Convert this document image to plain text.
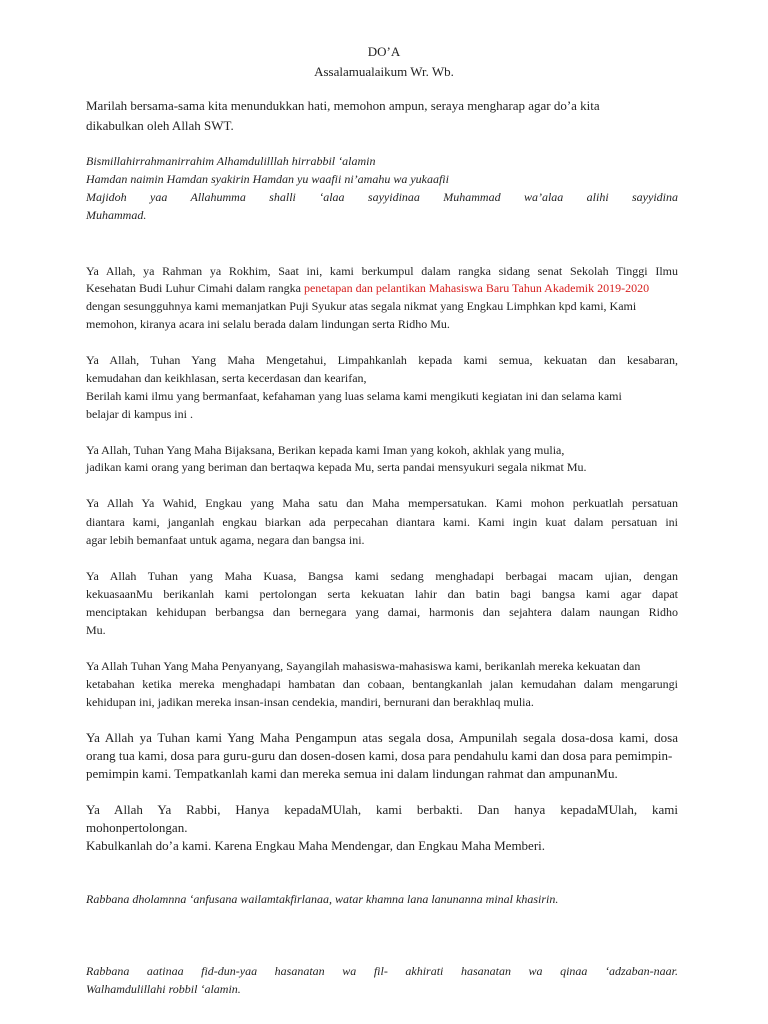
DO’A
Assalamualaikum Wr. Wb.
Marilah bersama-sama kita menundukkan hati, memohon ampun, seraya mengharap agar do’a kita
dikabulkan oleh Allah SWT.
Bismillahirrahmanirrahim Alhamdulilllah hirrabbil ‘alamin
Hamdan naimin Hamdan syakirin Hamdan yu waafii ni’amahu wa yukaafii
Majidoh yaa Allahumma shalli ‘alaa sayyidinaa Muhammad wa’alaa alihi sayyidina
Muhammad.
Ya Allah, ya Rahman ya Rokhim, Saat ini, kami berkumpul dalam rangka sidang senat Sekolah Tinggi Ilmu
Kesehatan Budi Luhur Cimahi dalam rangka penetapan dan pelantikan Mahasiswa Baru Tahun Akademik 2019-2020
dengan sesungguhnya kami memanjatkan Puji Syukur atas segala nikmat yang Engkau Limphkan kpd kami, Kami
memohon, kiranya acara ini selalu berada dalam lindungan serta Ridho Mu.
Ya Allah, Tuhan Yang Maha Mengetahui, Limpahkanlah kepada kami semua, kekuatan dan kesabaran,
kemudahan dan keikhlasan, serta kecerdasan dan kearifan,
Berilah kami ilmu yang bermanfaat, kefahaman yang luas selama kami mengikuti kegiatan ini dan selama kami
belajar di kampus ini .
Ya Allah, Tuhan Yang Maha Bijaksana, Berikan kepada kami Iman yang kokoh, akhlak yang mulia,
jadikan kami orang yang beriman dan bertaqwa kepada Mu, serta pandai mensyukuri segala nikmat Mu.
Ya Allah Ya Wahid, Engkau yang Maha satu dan Maha mempersatukan. Kami mohon perkuatlah persatuan
diantara kami, janganlah engkau biarkan ada perpecahan diantara kami. Kami ingin kuat dalam persatuan ini
agar lebih bemanfaat untuk agama, negara dan bangsa ini.
Ya Allah Tuhan yang Maha Kuasa, Bangsa kami sedang menghadapi berbagai macam ujian, dengan
kekuasaanMu berikanlah kami pertolongan serta kekuatan lahir dan batin bagi bangsa kami agar dapat
menciptakan kehidupan berbangsa dan bernegara yang damai, harmonis dan sejahtera dalam naungan Ridho
Mu.
Ya Allah Tuhan Yang Maha Penyanyang, Sayangilah mahasiswa-mahasiswa kami, berikanlah mereka kekuatan dan
ketabahan ketika mereka menghadapi hambatan dan cobaan, bentangkanlah jalan kemudahan dalam mengarungi
kehidupan ini, jadikan mereka insan-insan cendekia, mandiri, bernurani dan berakhlaq mulia.
Ya Allah ya Tuhan kami Yang Maha Pengampun atas segala dosa, Ampunilah segala dosa-dosa kami, dosa
orang tua kami, dosa para guru-guru dan dosen-dosen kami, dosa para pendahulu kami dan dosa para pemimpin-
pemimpin kami. Tempatkanlah kami dan mereka semua ini dalam lindungan rahmat dan ampunanMu.
Ya Allah Ya Rabbi, Hanya kepadaMUlah, kami berbakti. Dan hanya kepadaMUlah, kami
mohonpertolongan.
Kabulkanlah do’a kami. Karena Engkau Maha Mendengar, dan Engkau Maha Memberi.
Rabbana dholamnna ‘anfusana wailamtakfirlanaa, watar khamna lana lanunanna minal khasirin.
Rabbana aatinaa fid-dun-yaa hasanatan wa fil- akhirati hasanatan wa qinaa ‘adzaban-naar.
Walhamdulillahi robbil ‘alamin.
